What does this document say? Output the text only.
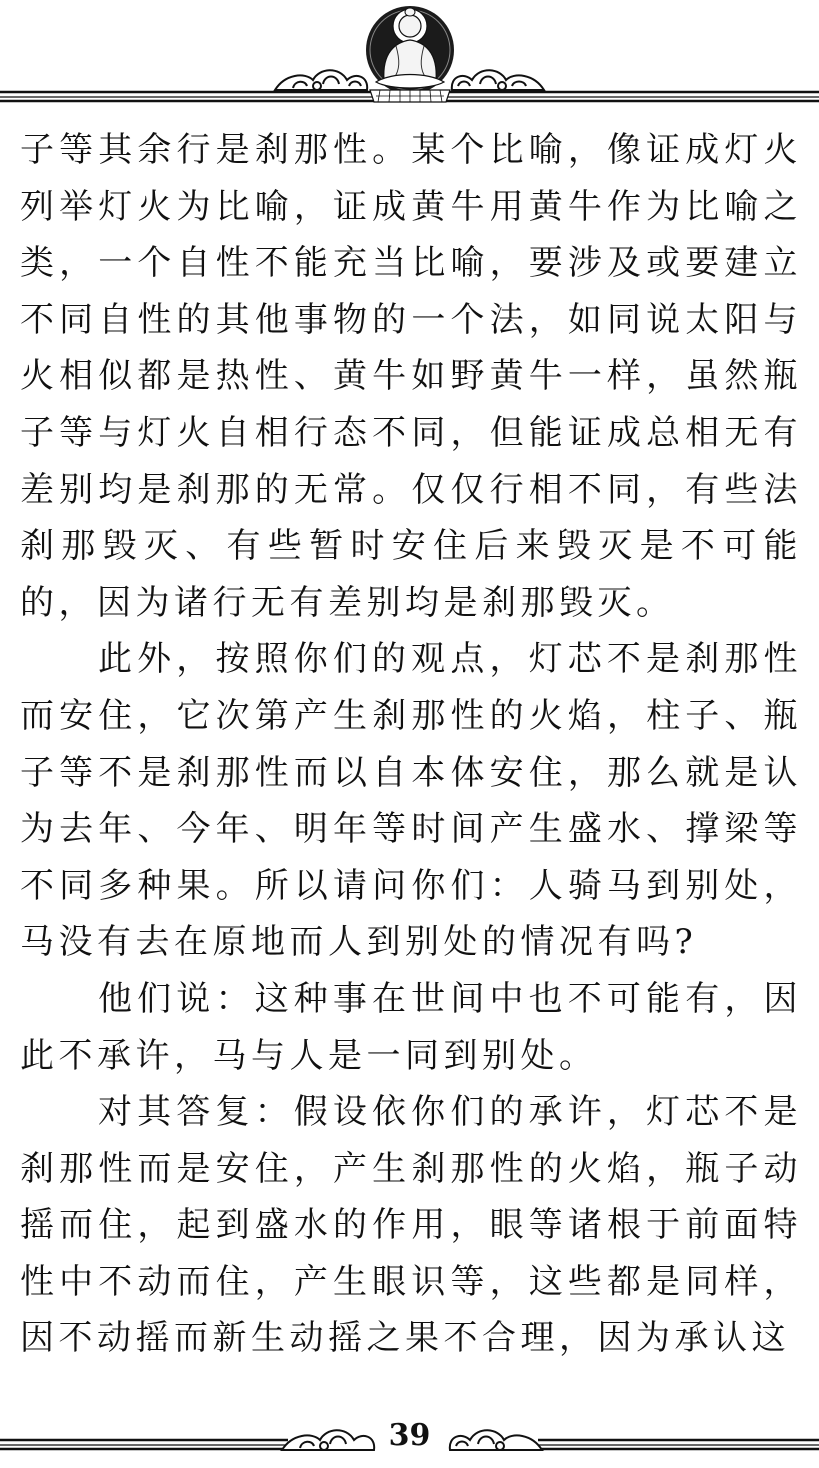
子等其余行是刹那性。某个比喻，像证成灯火列举灯火为比喻，证成黄牛用黄牛作为比喻之类，一个自性不能充当比喻，要涉及或要建立不同自性的其他事物的一个法，如同说太阳与火相似都是热性、黄牛如野黄牛一样，虽然瓶子等与灯火自相行态不同，但能证成总相无有差别均是刹那的无常。仅仅行相不同，有些法刹那毁灭、有些暂时安住后来毁灭是不可能的，因为诸行无有差别均是刹那毁灭。

此外，按照你们的观点，灯芯不是刹那性而安住，它次第产生刹那性的火焰，柱子、瓶子等不是刹那性而以自本体安住，那么就是认为去年、今年、明年等时间产生盛水、撑梁等不同多种果。所以请问你们：人骑马到别处，马没有去在原地而人到别处的情况有吗?

他们说：这种事在世间中也不可能有，因此不承许，马与人是一同到别处。

对其答复：假设依你们的承许，灯芯不是刹那性而是安住，产生刹那性的火焰，瓶子动摇而住，起到盛水的作用，眼等诸根于前面特性中不动而住，产生眼识等，这些都是同样，因不动摇而新生动摇之果不合理，因为承认这

39
